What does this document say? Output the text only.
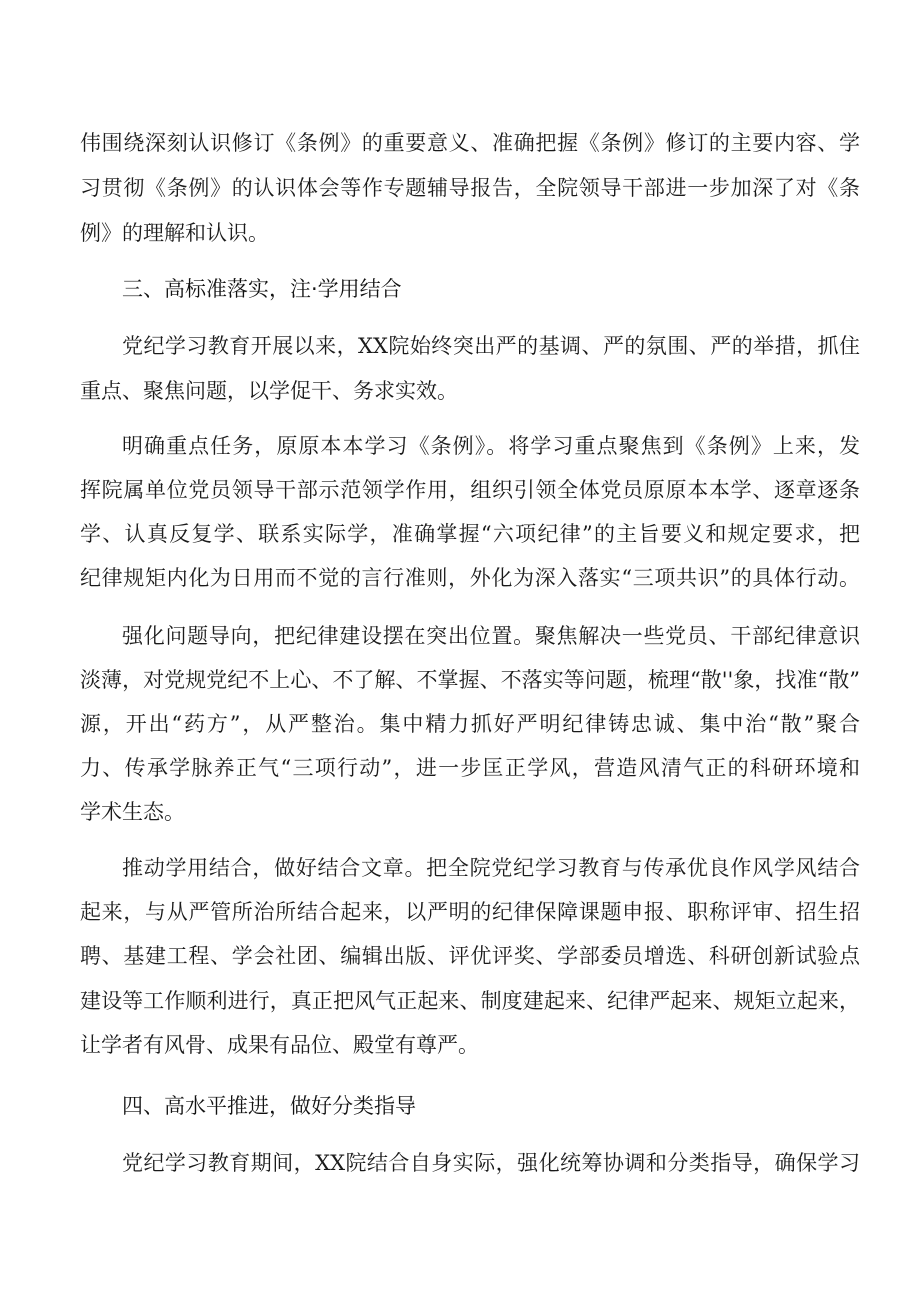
伟围绕深刻认识修订《条例》的重要意义、准确把握《条例》修订的主要内容、学
习贯彻《条例》的认识体会等作专题辅导报告，全院领导干部进一步加深了对《条
例》的理解和认识。
三、高标准落实，注·学用结合
党纪学习教育开展以来，XX院始终突出严的基调、严的氛围、严的举措，抓住
重点、聚焦问题，以学促干、务求实效。
明确重点任务，原原本本学习《条例》。将学习重点聚焦到《条例》上来，发
挥院属单位党员领导干部示范领学作用，组织引领全体党员原原本本学、逐章逐条
学、认真反复学、联系实际学，准确掌握“六项纪律”的主旨要义和规定要求，把
纪律规矩内化为日用而不觉的言行准则，外化为深入落实“三项共识”的具体行动。
强化问题导向，把纪律建设摆在突出位置。聚焦解决一些党员、干部纪律意识
淡薄，对党规党纪不上心、不了解、不掌握、不落实等问题，梳理“散''象，找准“散”
源，开出“药方”，从严整治。集中精力抓好严明纪律铸忠诚、集中治“散”聚合
力、传承学脉养正气“三项行动”，进一步匡正学风，营造风清气正的科研环境和
学术生态。
推动学用结合，做好结合文章。把全院党纪学习教育与传承优良作风学风结合
起来，与从严管所治所结合起来，以严明的纪律保障课题申报、职称评审、招生招
聘、基建工程、学会社团、编辑出版、评优评奖、学部委员增选、科研创新试验点
建设等工作顺利进行，真正把风气正起来、制度建起来、纪律严起来、规矩立起来，
让学者有风骨、成果有品位、殿堂有尊严。
四、高水平推进，做好分类指导
党纪学习教育期间，XX院结合自身实际，强化统筹协调和分类指导，确保学习
